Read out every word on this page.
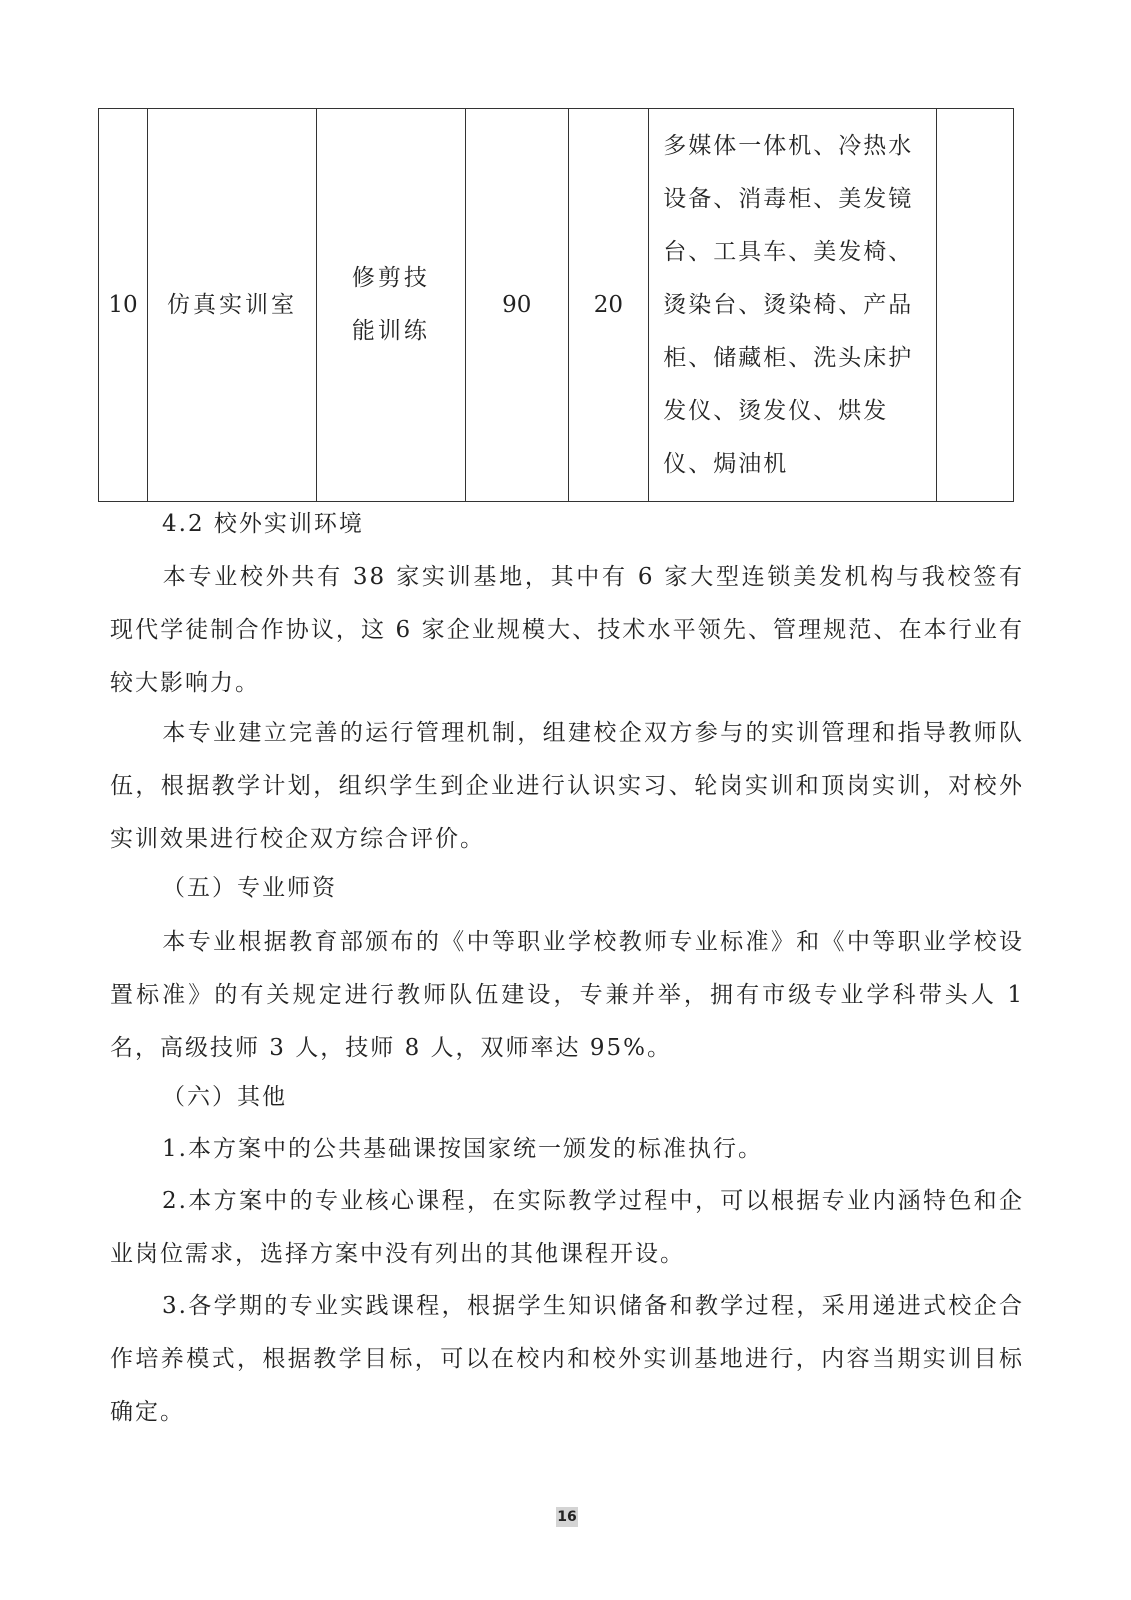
10	仿真实训室	修剪技能训练	90	20	多媒体一体机、冷热水设备、消毒柜、美发镜台、工具车、美发椅、烫染台、烫染椅、产品柜、储藏柜、洗头床护发仪、烫发仪、烘发仪、焗油机	

4.2 校外实训环境

本专业校外共有 38 家实训基地，其中有 6 家大型连锁美发机构与我校签有现代学徒制合作协议，这 6 家企业规模大、技术水平领先、管理规范、在本行业有较大影响力。

本专业建立完善的运行管理机制，组建校企双方参与的实训管理和指导教师队伍，根据教学计划，组织学生到企业进行认识实习、轮岗实训和顶岗实训，对校外实训效果进行校企双方综合评价。

（五）专业师资

本专业根据教育部颁布的《中等职业学校教师专业标准》和《中等职业学校设置标准》的有关规定进行教师队伍建设，专兼并举，拥有市级专业学科带头人 1 名，高级技师 3 人，技师 8 人，双师率达 95%。

（六）其他

1.本方案中的公共基础课按国家统一颁发的标准执行。

2.本方案中的专业核心课程，在实际教学过程中，可以根据专业内涵特色和企业岗位需求，选择方案中没有列出的其他课程开设。

3.各学期的专业实践课程，根据学生知识储备和教学过程，采用递进式校企合作培养模式，根据教学目标，可以在校内和校外实训基地进行，内容当期实训目标确定。

16
